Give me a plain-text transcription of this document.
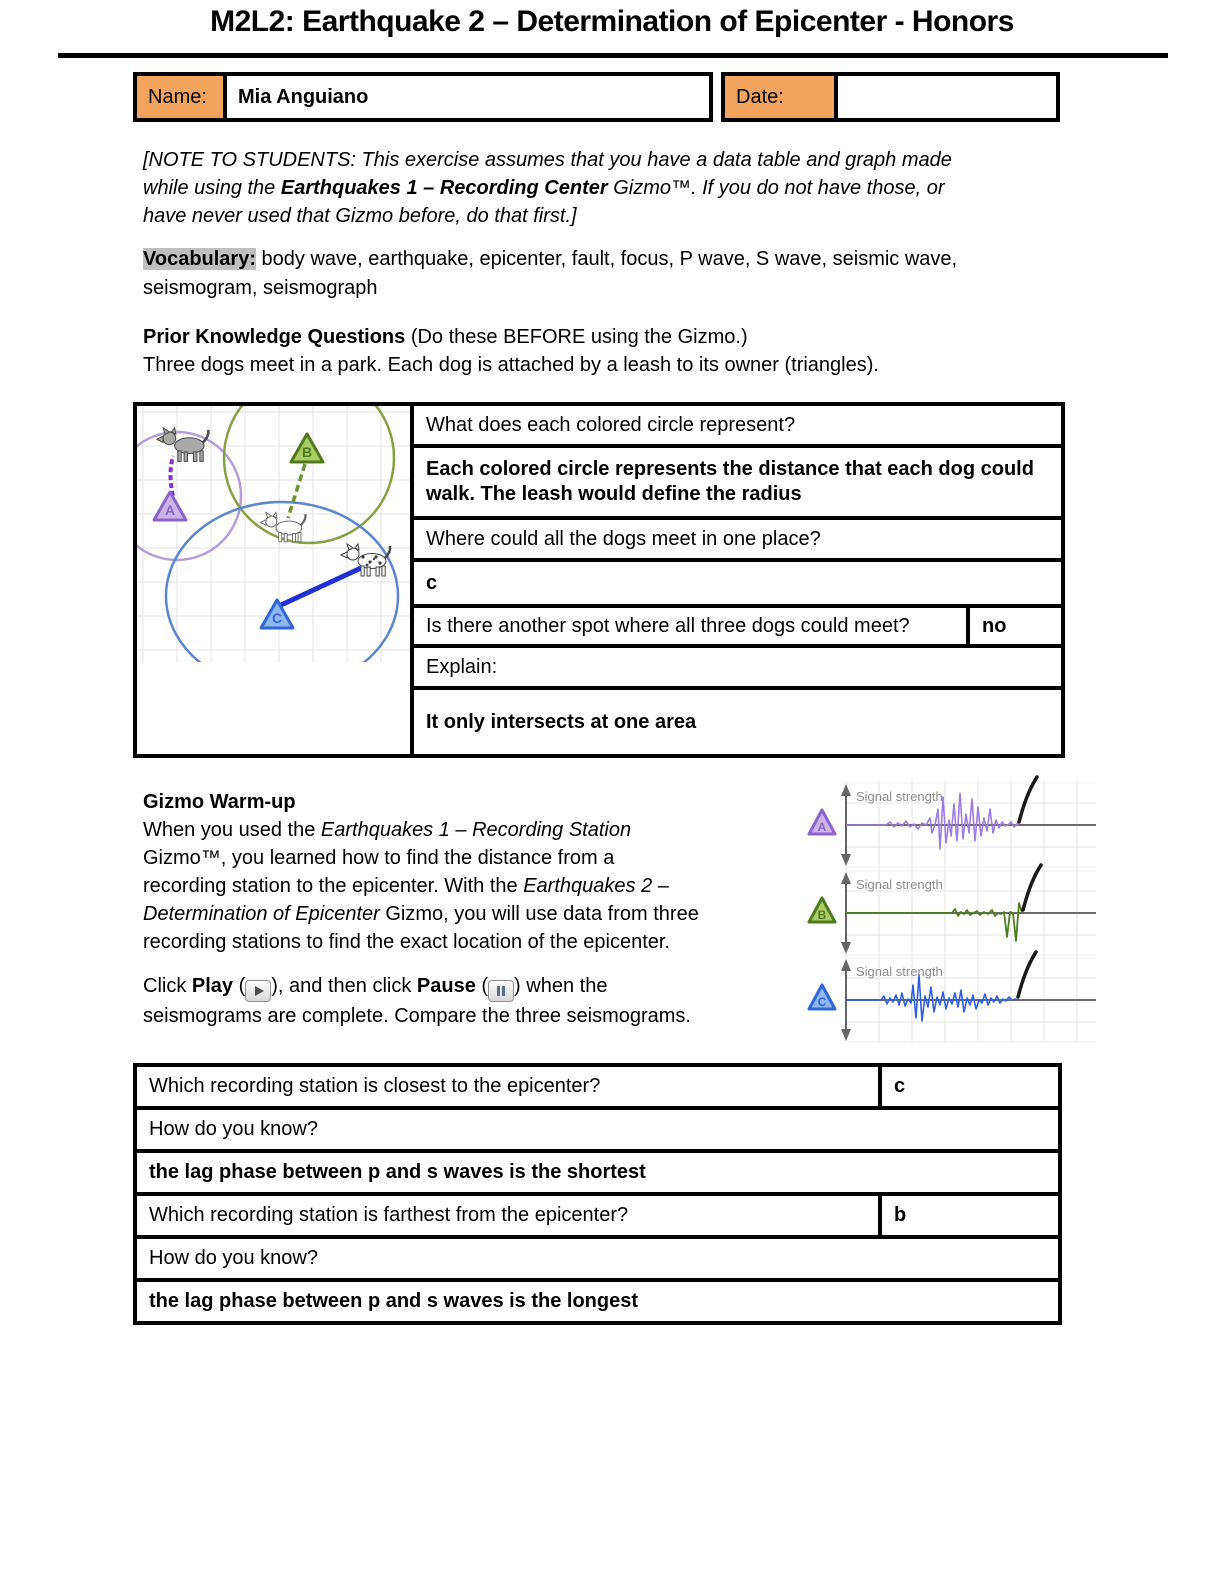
M2L2: Earthquake 2 – Determination of Epicenter - Honors
Name:	Mia Anguiano	Date:
[NOTE TO STUDENTS: This exercise assumes that you have a data table and graph made
while using the Earthquakes 1 – Recording Center Gizmo™. If you do not have those, or
have never used that Gizmo before, do that first.]
Vocabulary: body wave, earthquake, epicenter, fault, focus, P wave, S wave, seismic wave,
seismogram, seismograph
Prior Knowledge Questions (Do these BEFORE using the Gizmo.)
Three dogs meet in a park. Each dog is attached by a leash to its owner (triangles).
A
B
C
What does each colored circle represent?
Each colored circle represents the distance that each dog could
walk. The leash would define the radius
Where could all the dogs meet in one place?
c
Is there another spot where all three dogs could meet?	no
Explain:
It only intersects at one area
Gizmo Warm-up
When you used the Earthquakes 1 – Recording Station
Gizmo™, you learned how to find the distance from a
recording station to the epicenter. With the Earthquakes 2 –
Determination of Epicenter Gizmo, you will use data from three
recording stations to find the exact location of the epicenter.
Click Play ( ), and then click Pause ( ) when the
seismograms are complete. Compare the three seismograms.
A
Signal strength
B
Signal strength
C
Signal strength
Which recording station is closest to the epicenter?	c
How do you know?
the lag phase between p and s waves is the shortest
Which recording station is farthest from the epicenter?	b
How do you know?
the lag phase between p and s waves is the longest
